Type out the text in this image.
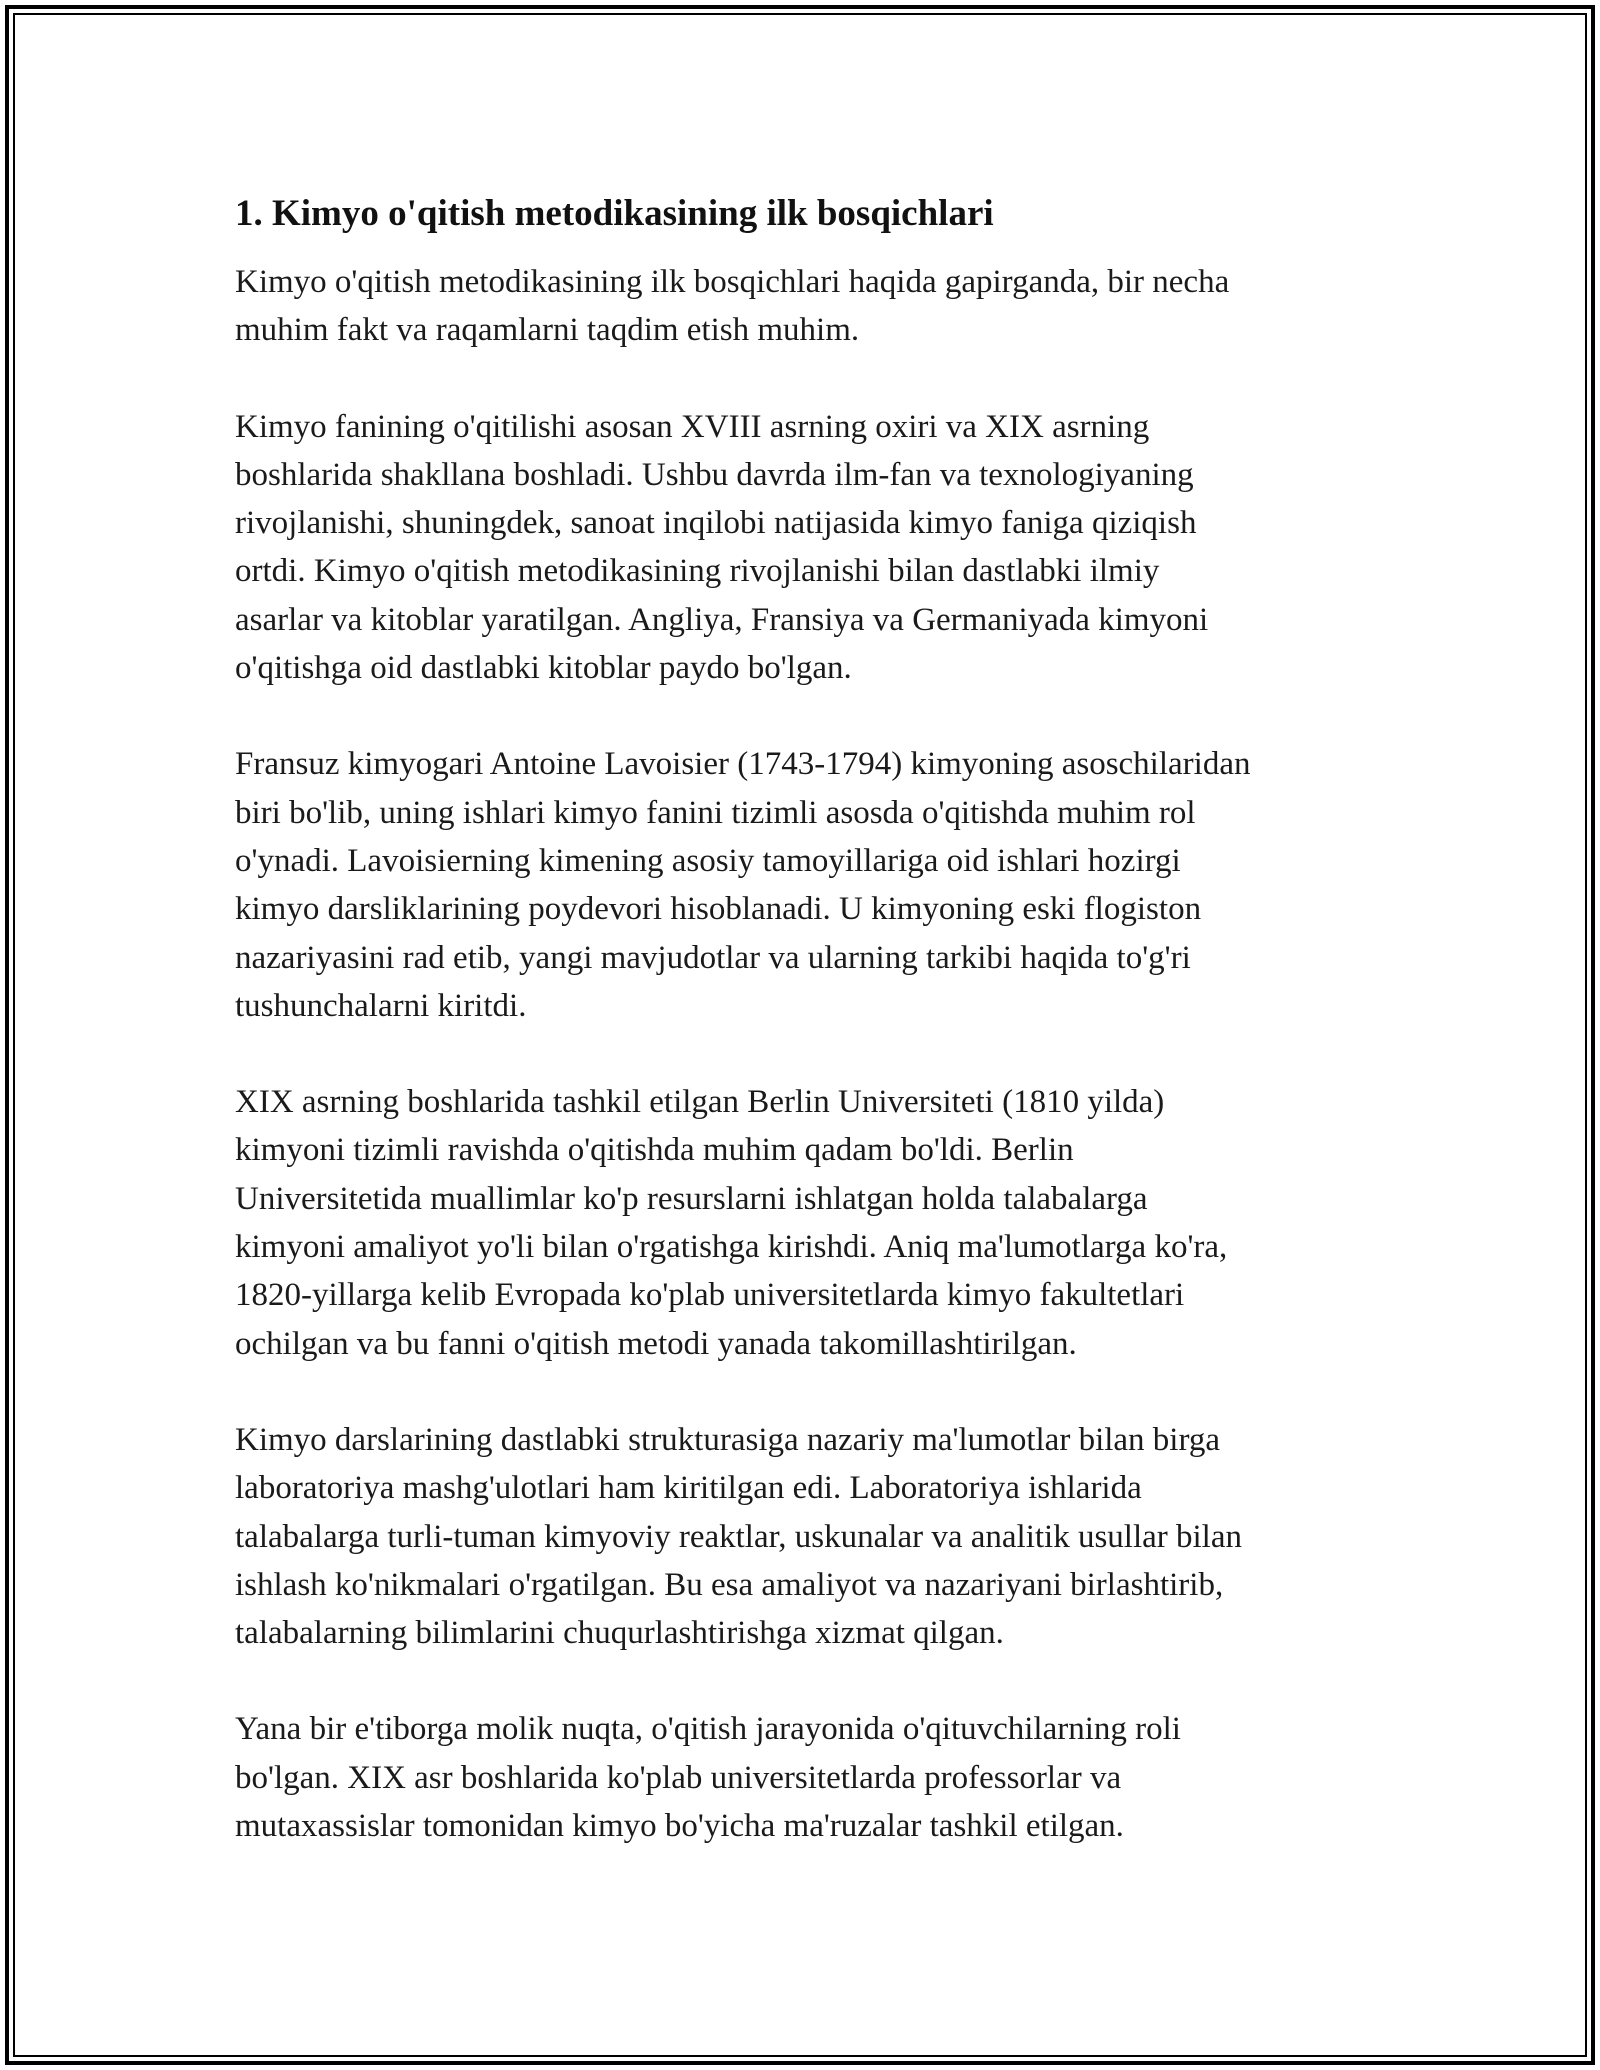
1. Kimyo o'qitish metodikasining ilk bosqichlari

Kimyo o'qitish metodikasining ilk bosqichlari haqida gapirganda, bir necha
muhim fakt va raqamlarni taqdim etish muhim.

Kimyo fanining o'qitilishi asosan XVIII asrning oxiri va XIX asrning
boshlarida shakllana boshladi. Ushbu davrda ilm-fan va texnologiyaning
rivojlanishi, shuningdek, sanoat inqilobi natijasida kimyo faniga qiziqish
ortdi. Kimyo o'qitish metodikasining rivojlanishi bilan dastlabki ilmiy
asarlar va kitoblar yaratilgan. Angliya, Fransiya va Germaniyada kimyoni
o'qitishga oid dastlabki kitoblar paydo bo'lgan.

Fransuz kimyogari Antoine Lavoisier (1743-1794) kimyoning asoschilaridan
biri bo'lib, uning ishlari kimyo fanini tizimli asosda o'qitishda muhim rol
o'ynadi. Lavoisierning kimening asosiy tamoyillariga oid ishlari hozirgi
kimyo darsliklarining poydevori hisoblanadi. U kimyoning eski flogiston
nazariyasini rad etib, yangi mavjudotlar va ularning tarkibi haqida to'g'ri
tushunchalarni kiritdi.

XIX asrning boshlarida tashkil etilgan Berlin Universiteti (1810 yilda)
kimyoni tizimli ravishda o'qitishda muhim qadam bo'ldi. Berlin
Universitetida muallimlar ko'p resurslarni ishlatgan holda talabalarga
kimyoni amaliyot yo'li bilan o'rgatishga kirishdi. Aniq ma'lumotlarga ko'ra,
1820-yillarga kelib Evropada ko'plab universitetlarda kimyo fakultetlari
ochilgan va bu fanni o'qitish metodi yanada takomillashtirilgan.

Kimyo darslarining dastlabki strukturasiga nazariy ma'lumotlar bilan birga
laboratoriya mashg'ulotlari ham kiritilgan edi. Laboratoriya ishlarida
talabalarga turli-tuman kimyoviy reaktlar, uskunalar va analitik usullar bilan
ishlash ko'nikmalari o'rgatilgan. Bu esa amaliyot va nazariyani birlashtirib,
talabalarning bilimlarini chuqurlashtirishga xizmat qilgan.

Yana bir e'tiborga molik nuqta, o'qitish jarayonida o'qituvchilarning roli
bo'lgan. XIX asr boshlarida ko'plab universitetlarda professorlar va
mutaxassislar tomonidan kimyo bo'yicha ma'ruzalar tashkil etilgan.
